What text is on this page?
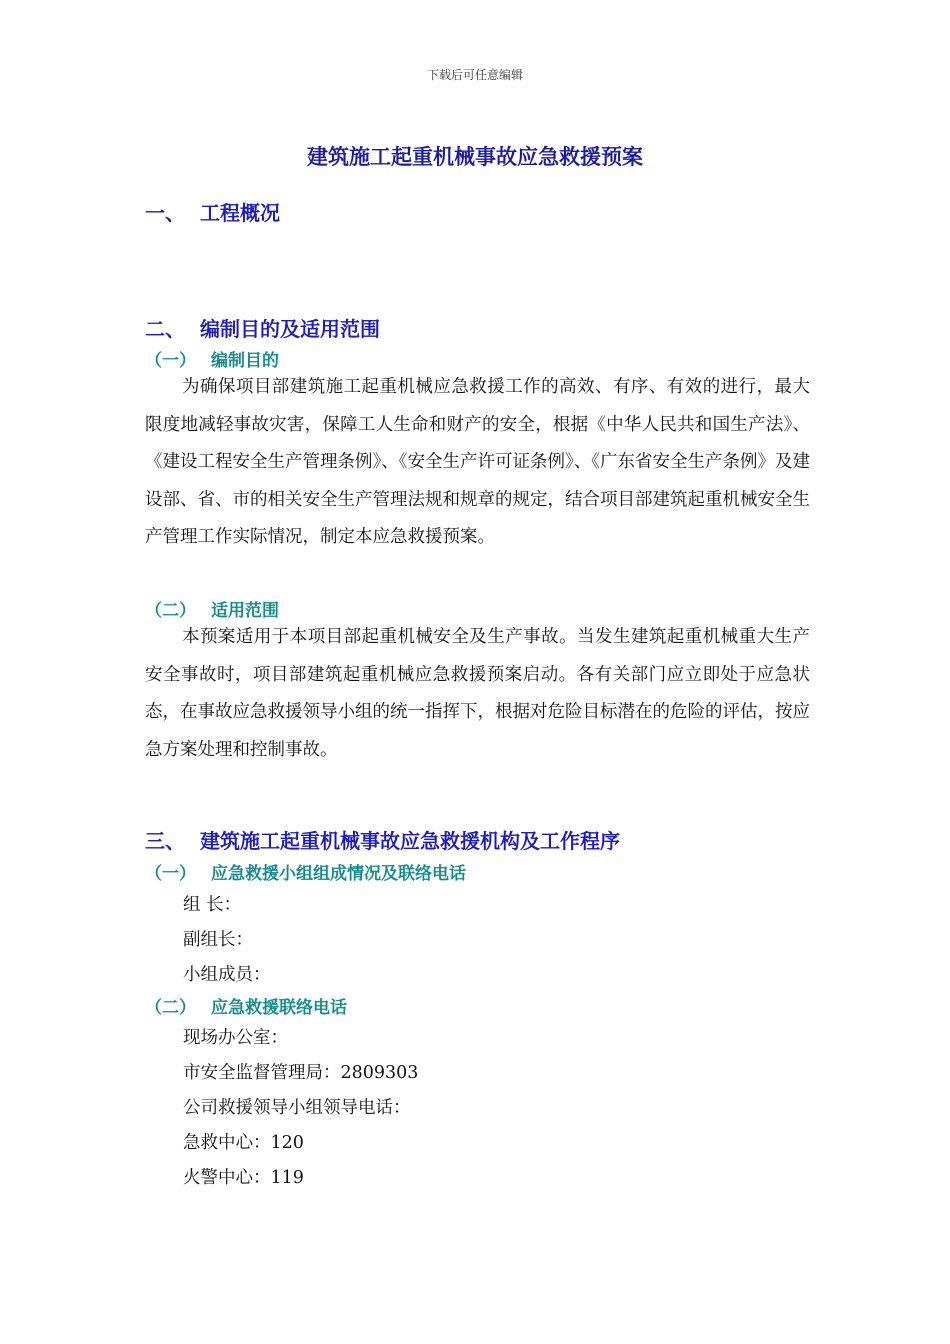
下载后可任意编辑
建筑施工起重机械事故应急救援预案
一、 工程概况
二、 编制目的及适用范围
（一） 编制目的

为确保项目部建筑施工起重机械应急救援工作的高效、有序、有效的进行，最大限度地减轻事故灾害，保障工人生命和财产的安全，根据《中华人民共和国生产法》、《建设工程安全生产管理条例》、《安全生产许可证条例》、《广东省安全生产条例》及建设部、省、市的相关安全生产管理法规和规章的规定，结合项目部建筑起重机械安全生产管理工作实际情况，制定本应急救援预案。

（二） 适用范围

本预案适用于本项目部起重机械安全及生产事故。当发生建筑起重机械重大生产安全事故时，项目部建筑起重机械应急救援预案启动。各有关部门应立即处于应急状态，在事故应急救援领导小组的统一指挥下，根据对危险目标潜在的危险的评估，按应急方案处理和控制事故。

三、 建筑施工起重机械事故应急救援机构及工作程序
（一） 应急救援小组组成情况及联络电话

组 长：

副组长：

小组成员：

（二） 应急救援联络电话

现场办公室：

市安全监督管理局：2809303

公司救援领导小组领导电话：

急救中心：120

火警中心：119
